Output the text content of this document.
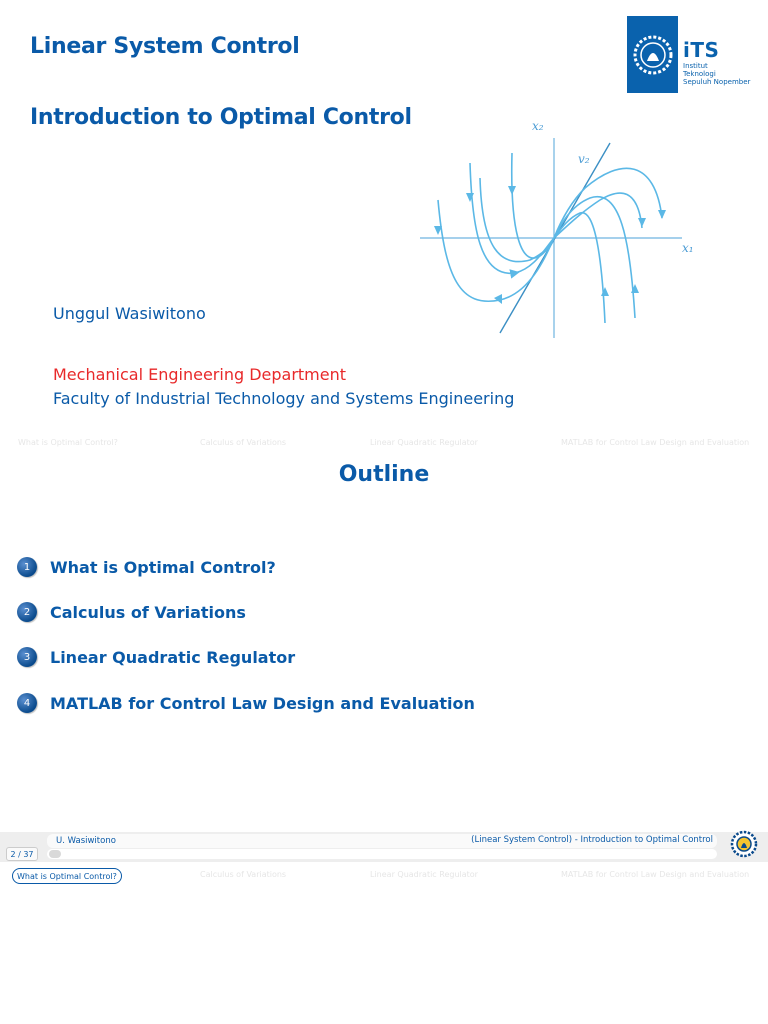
Linear System Control
Introduction to Optimal Control
iTS
Institut
Teknologi
Sepuluh Nopember
x₁
x₂
v₂
Unggul Wasiwitono
Mechanical Engineering Department
Faculty of Industrial Technology and Systems Engineering
What is Optimal Control?	Calculus of Variations	Linear Quadratic Regulator	MATLAB for Control Law Design and Evaluation
Outline
1	What is Optimal Control?
2	Calculus of Variations
3	Linear Quadratic Regulator
4	MATLAB for Control Law Design and Evaluation
U. Wasiwitono	(Linear System Control) - Introduction to Optimal Control
2 / 37
What is Optimal Control?	Calculus of Variations	Linear Quadratic Regulator	MATLAB for Control Law Design and Evaluation
